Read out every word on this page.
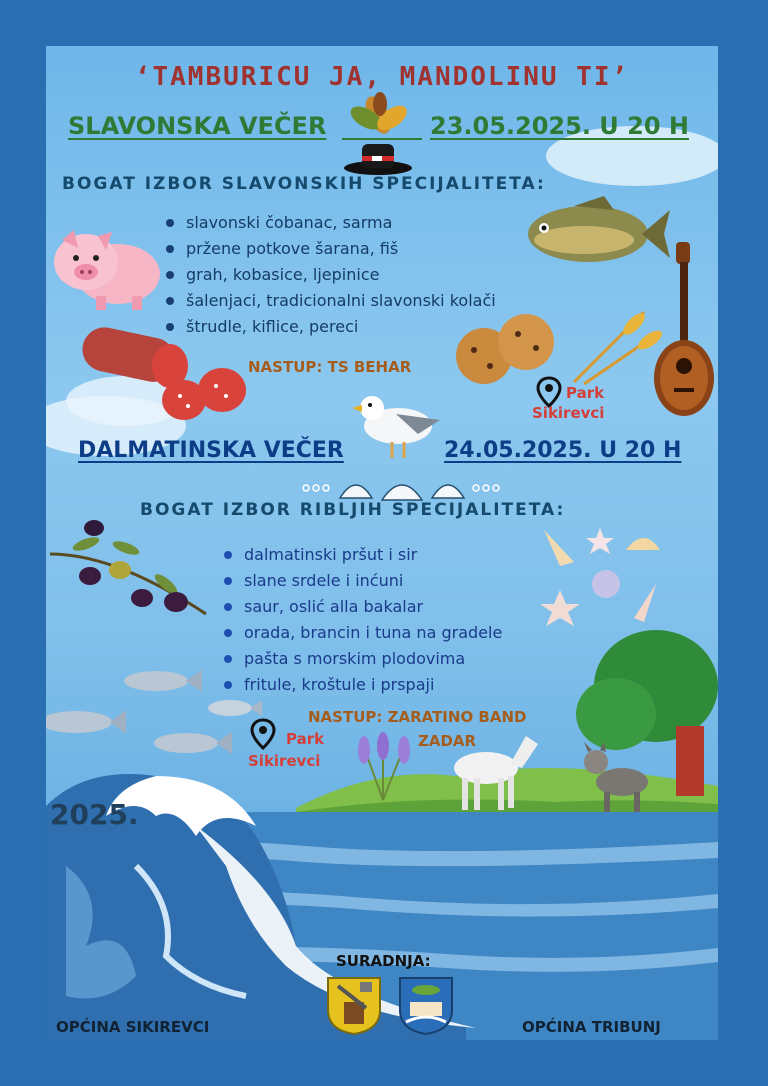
‘TAMBURICU JA, MANDOLINU TI’
SLAVONSKA VEČER	23.05.2025. U 20 H
BOGAT IZBOR SLAVONSKIH SPECIJALITETA:
slavonski čobanac, sarma
pržene potkove šarana, fiš
grah, kobasice, ljepinice
šalenjaci, tradicionalni slavonski kolači
štrudle, kiflice, pereci
NASTUP: TS BEHAR
Park
Sikirevci
DALMATINSKA VEČER	24.05.2025. U 20 H
BOGAT IZBOR RIBLJIH SPECIJALITETA:
dalmatinski pršut i sir
slane srdele i inćuni
saur, oslić alla bakalar
orada, brancin i tuna na gradele
pašta s morskim plodovima
fritule, kroštule i prspaji
NASTUP: ZARATINO BAND
ZADAR
Park
Sikirevci
2025.
SURADNJA:
OPĆINA SIKIREVCI	OPĆINA TRIBUNJ
